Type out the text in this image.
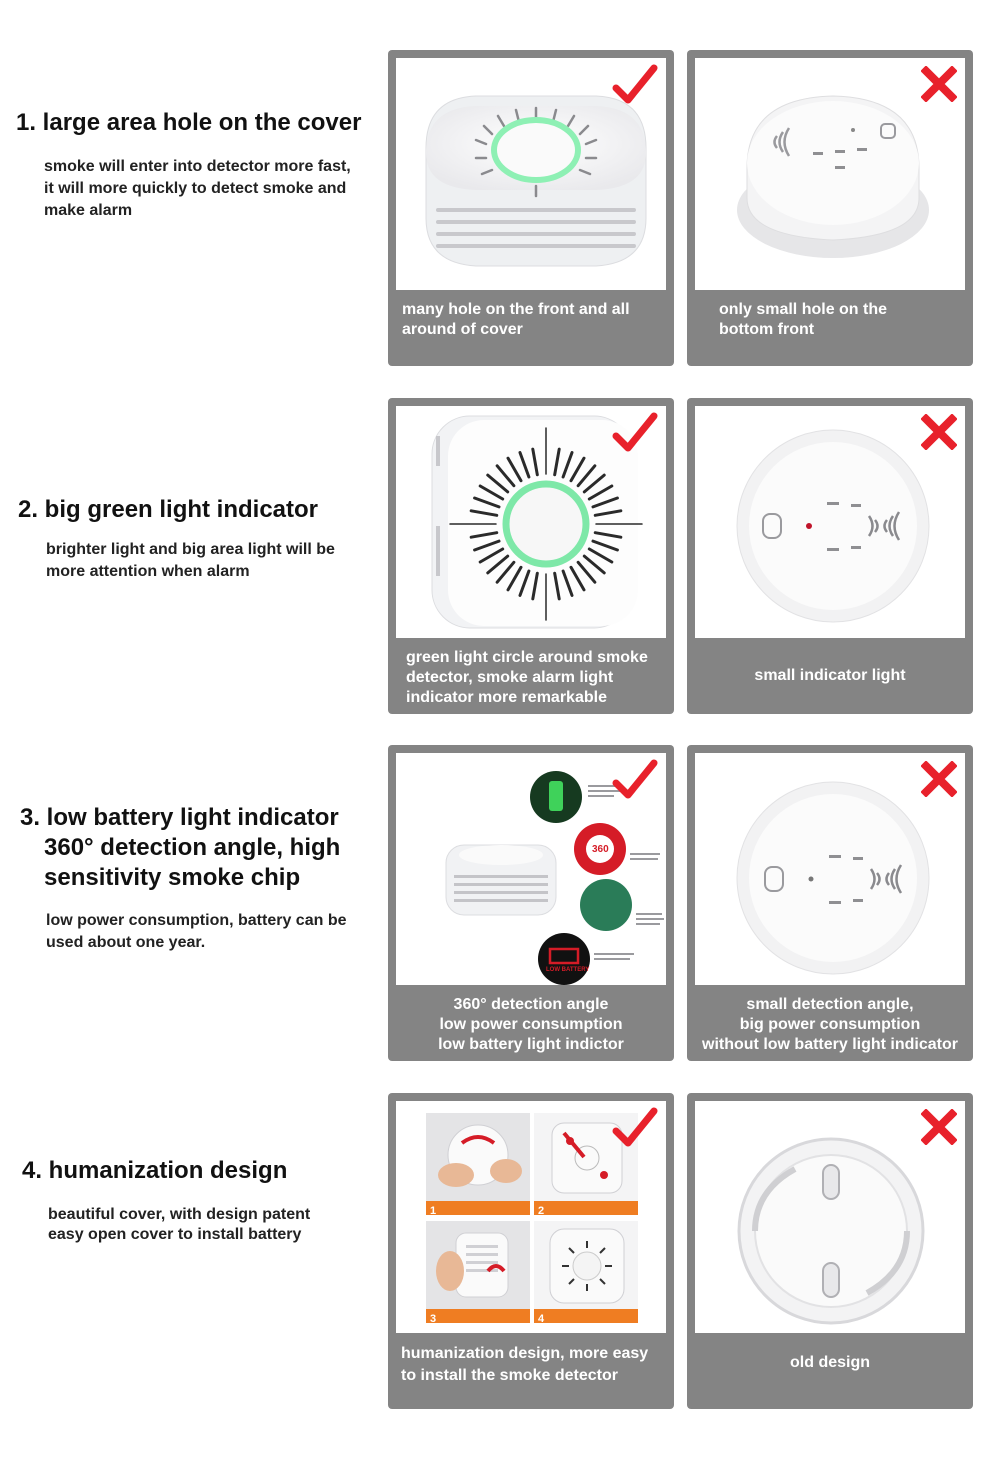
1. large area hole on the cover
smoke will enter into detector more fast,
it will more quickly to detect smoke and
make alarm
many hole on the front and all
around of cover
only small hole on the
bottom front
2. big green light indicator
brighter light and big area light will be
more attention when alarm
green light circle around smoke
detector, smoke alarm light
indicator more remarkable
small indicator light
3. low battery light indicator
360° detection angle, high
sensitivity smoke chip
low power consumption, battery can be
used about one year.
360
LOW BATTERY
360° detection angle
low power consumption
low battery light indictor
small detection angle,
big power consumption
without low battery light indicator
4. humanization design
beautiful cover, with design patent
easy open cover to install battery
1	2
3	4
humanization design, more easy
to install the smoke detector
old design
